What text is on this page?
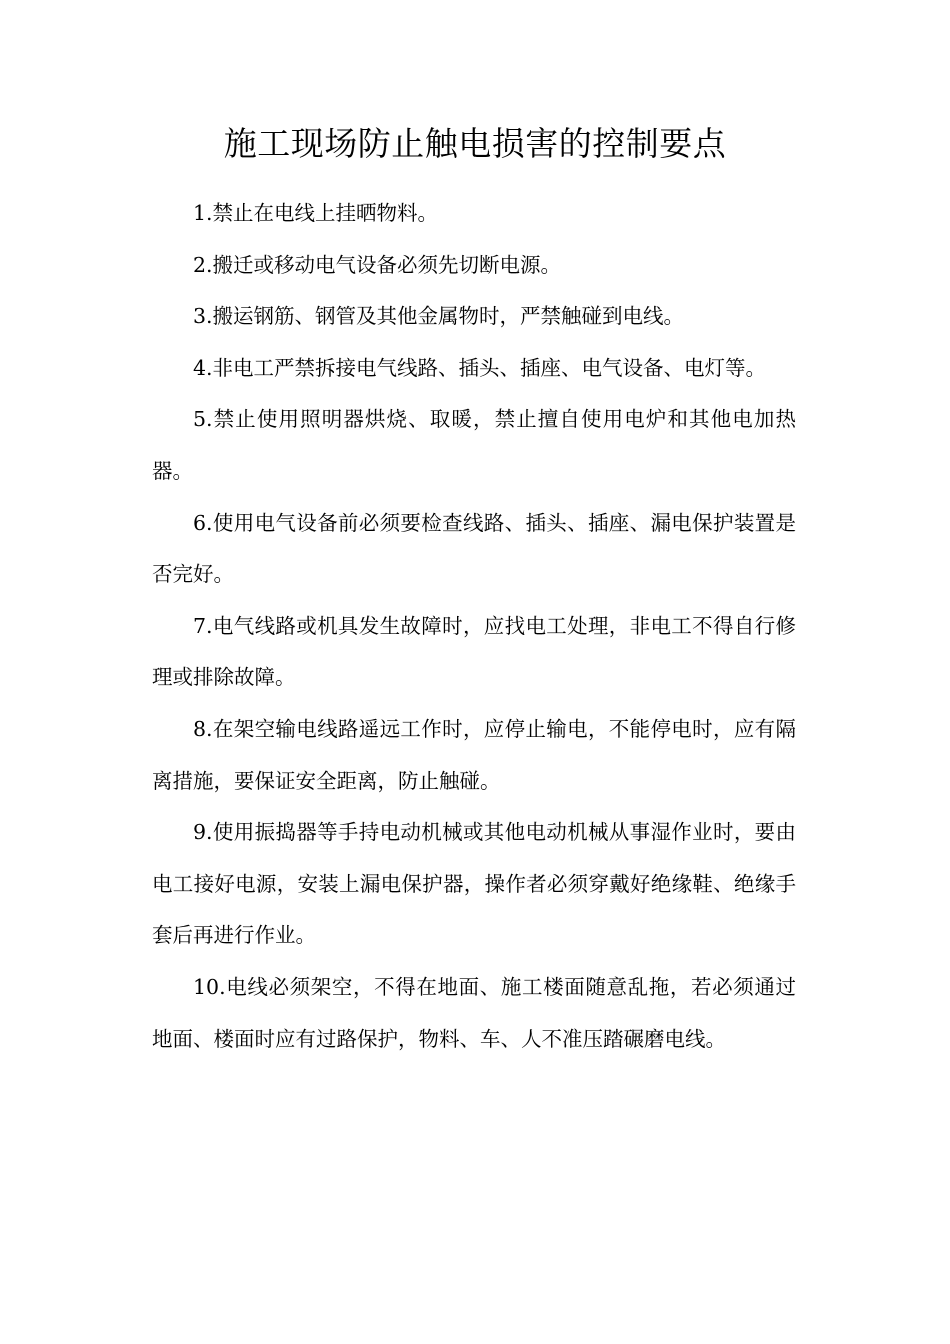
施工现场防止触电损害的控制要点

1.禁止在电线上挂晒物料。

2.搬迁或移动电气设备必须先切断电源。

3.搬运钢筋、钢管及其他金属物时，严禁触碰到电线。

4.非电工严禁拆接电气线路、插头、插座、电气设备、电灯等。

5.禁止使用照明器烘烧、取暖，禁止擅自使用电炉和其他电加热器。

6.使用电气设备前必须要检查线路、插头、插座、漏电保护装置是否完好。

7.电气线路或机具发生故障时，应找电工处理，非电工不得自行修理或排除故障。

8.在架空输电线路遥远工作时，应停止输电，不能停电时，应有隔离措施，要保证安全距离，防止触碰。

9.使用振捣器等手持电动机械或其他电动机械从事湿作业时，要由电工接好电源，安装上漏电保护器，操作者必须穿戴好绝缘鞋、绝缘手套后再进行作业。

10.电线必须架空，不得在地面、施工楼面随意乱拖，若必须通过地面、楼面时应有过路保护，物料、车、人不准压踏碾磨电线。
